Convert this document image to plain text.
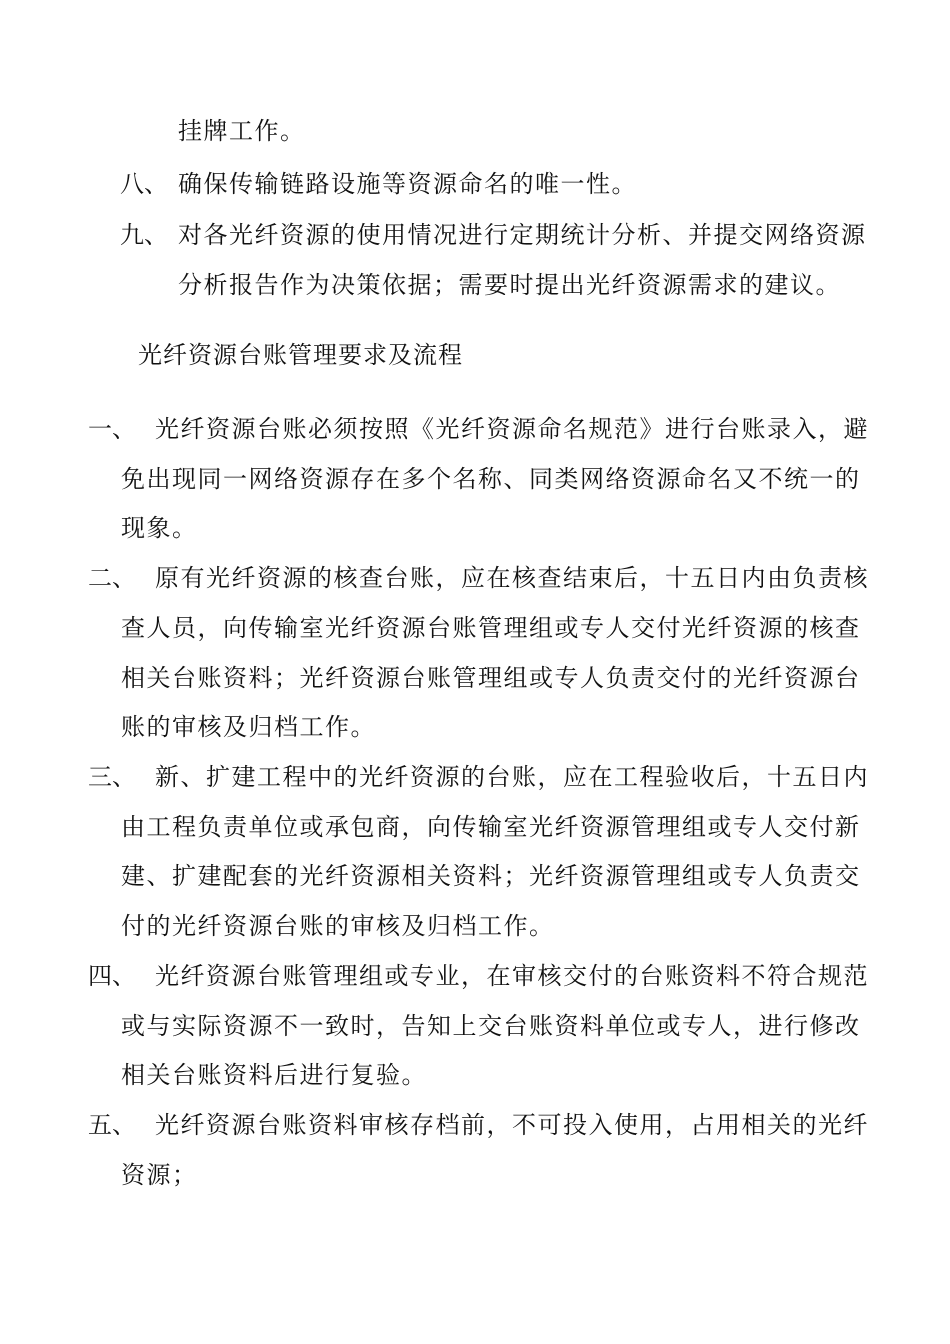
挂牌工作。
八、 确保传输链路设施等资源命名的唯一性。
九、 对各光纤资源的使用情况进行定期统计分析、并提交网络资源
分析报告作为决策依据；需要时提出光纤资源需求的建议。
光纤资源台账管理要求及流程
一、 光纤资源台账必须按照《光纤资源命名规范》进行台账录入，避
免出现同一网络资源存在多个名称、同类网络资源命名又不统一的
现象。
二、 原有光纤资源的核查台账，应在核查结束后，十五日内由负责核
查人员，向传输室光纤资源台账管理组或专人交付光纤资源的核查
相关台账资料；光纤资源台账管理组或专人负责交付的光纤资源台
账的审核及归档工作。
三、 新、扩建工程中的光纤资源的台账，应在工程验收后，十五日内
由工程负责单位或承包商，向传输室光纤资源管理组或专人交付新
建、扩建配套的光纤资源相关资料；光纤资源管理组或专人负责交
付的光纤资源台账的审核及归档工作。
四、 光纤资源台账管理组或专业，在审核交付的台账资料不符合规范
或与实际资源不一致时，告知上交台账资料单位或专人，进行修改
相关台账资料后进行复验。
五、 光纤资源台账资料审核存档前，不可投入使用，占用相关的光纤
资源；
